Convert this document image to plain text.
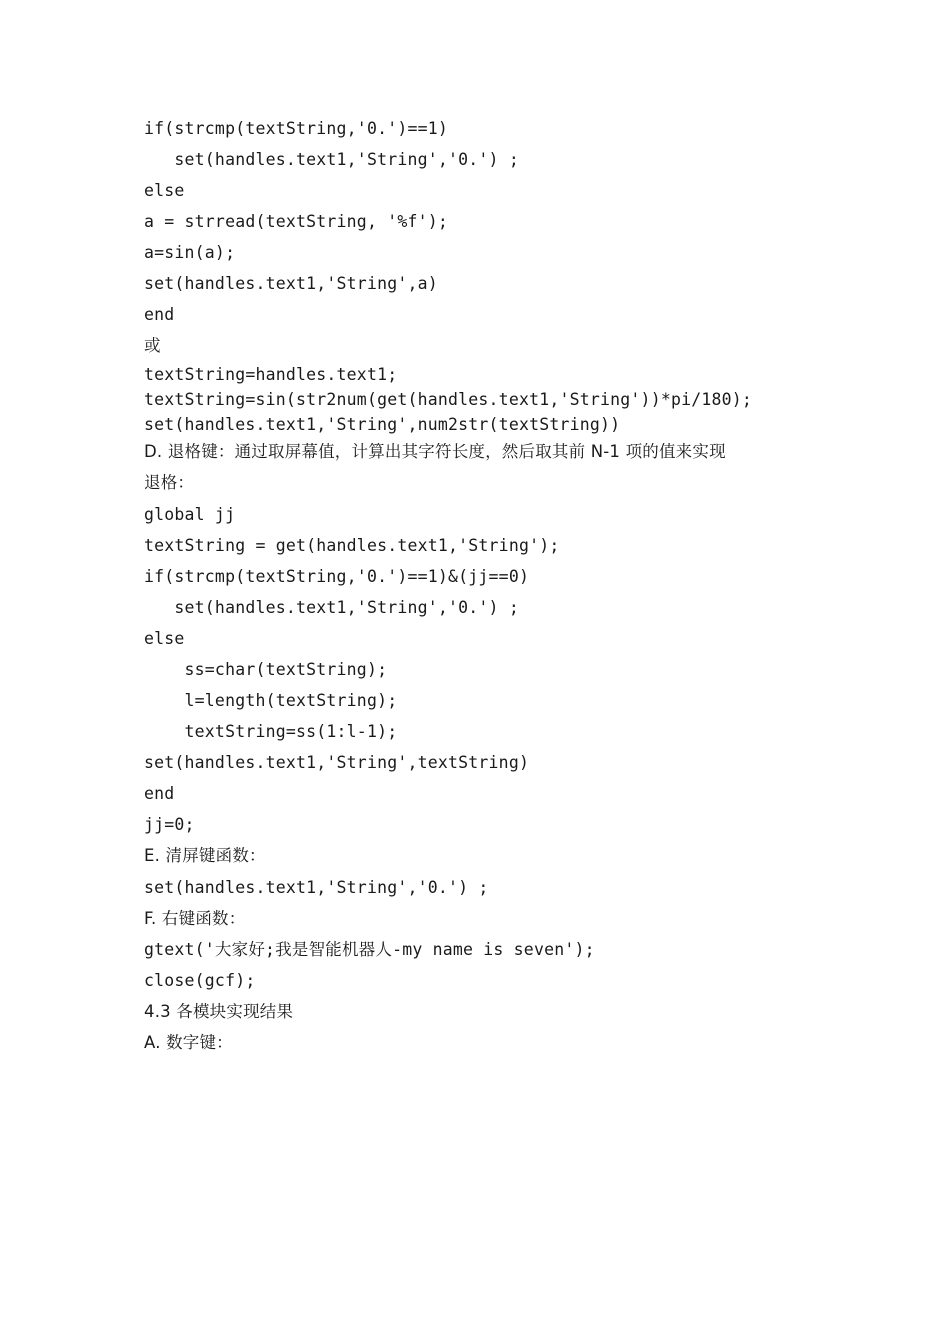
if(strcmp(textString,'0.')==1)
set(handles.text1,'String','0.') ;
else
a = strread(textString, '%f');
a=sin(a);
set(handles.text1,'String',a)
end
或
textString=handles.text1;
textString=sin(str2num(get(handles.text1,'String'))*pi/180);
set(handles.text1,'String',num2str(textString))
D. 退格键：通过取屏幕值，计算出其字符长度，然后取其前 N-1 项的值来实现
退格：
global jj
textString = get(handles.text1,'String');
if(strcmp(textString,'0.')==1)&(jj==0)
set(handles.text1,'String','0.') ;
else
ss=char(textString);
l=length(textString);
textString=ss(1:l-1);
set(handles.text1,'String',textString)
end
jj=0;
E. 清屏键函数：
set(handles.text1,'String','0.') ;
F. 右键函数：
gtext('大家好;我是智能机器人-my name is seven');
close(gcf);
4.3 各模块实现结果
A. 数字键：
